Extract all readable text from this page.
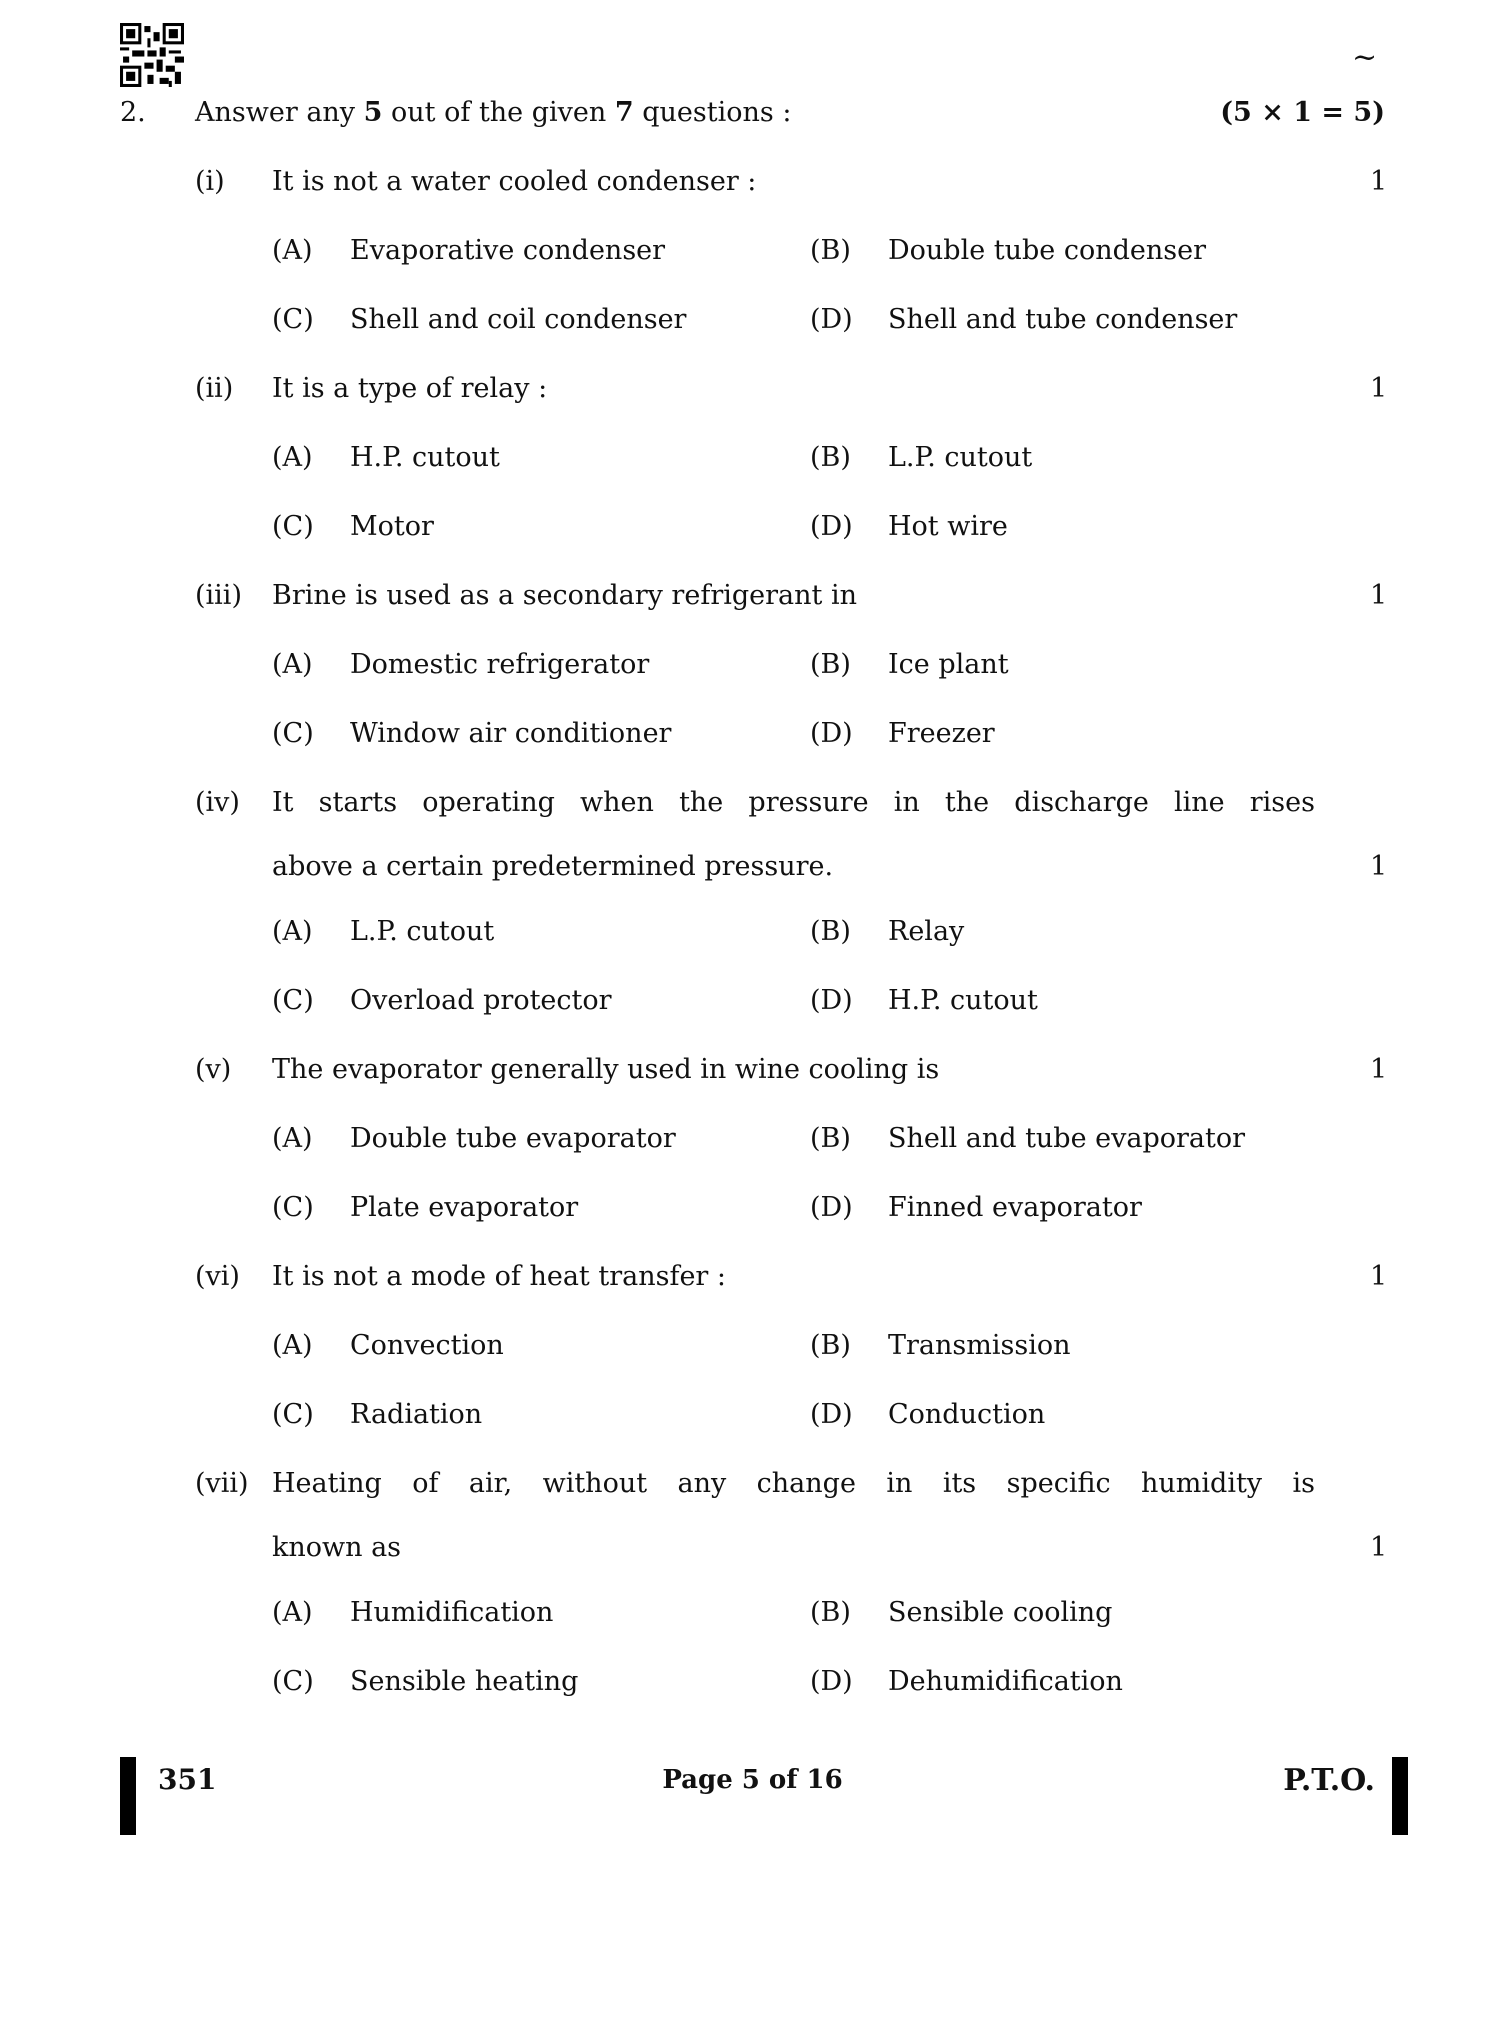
~
2. Answer any 5 out of the given 7 questions :	(5 × 1 = 5)
(i) It is not a water cooled condenser :	1
(A) Evaporative condenser	(B) Double tube condenser
(C) Shell and coil condenser	(D) Shell and tube condenser
(ii) It is a type of relay :	1
(A) H.P. cutout	(B) L.P. cutout
(C) Motor	(D) Hot wire
(iii) Brine is used as a secondary refrigerant in	1
(A) Domestic refrigerator	(B) Ice plant
(C) Window air conditioner	(D) Freezer
(iv) It starts operating when the pressure in the discharge line rises
above a certain predetermined pressure.	1
(A) L.P. cutout	(B) Relay
(C) Overload protector	(D) H.P. cutout
(v) The evaporator generally used in wine cooling is	1
(A) Double tube evaporator	(B) Shell and tube evaporator
(C) Plate evaporator	(D) Finned evaporator
(vi) It is not a mode of heat transfer :	1
(A) Convection	(B) Transmission
(C) Radiation	(D) Conduction
(vii) Heating of air, without any change in its specific humidity is
known as	1
(A) Humidification	(B) Sensible cooling
(C) Sensible heating	(D) Dehumidification
351	Page 5 of 16	P.T.O.
